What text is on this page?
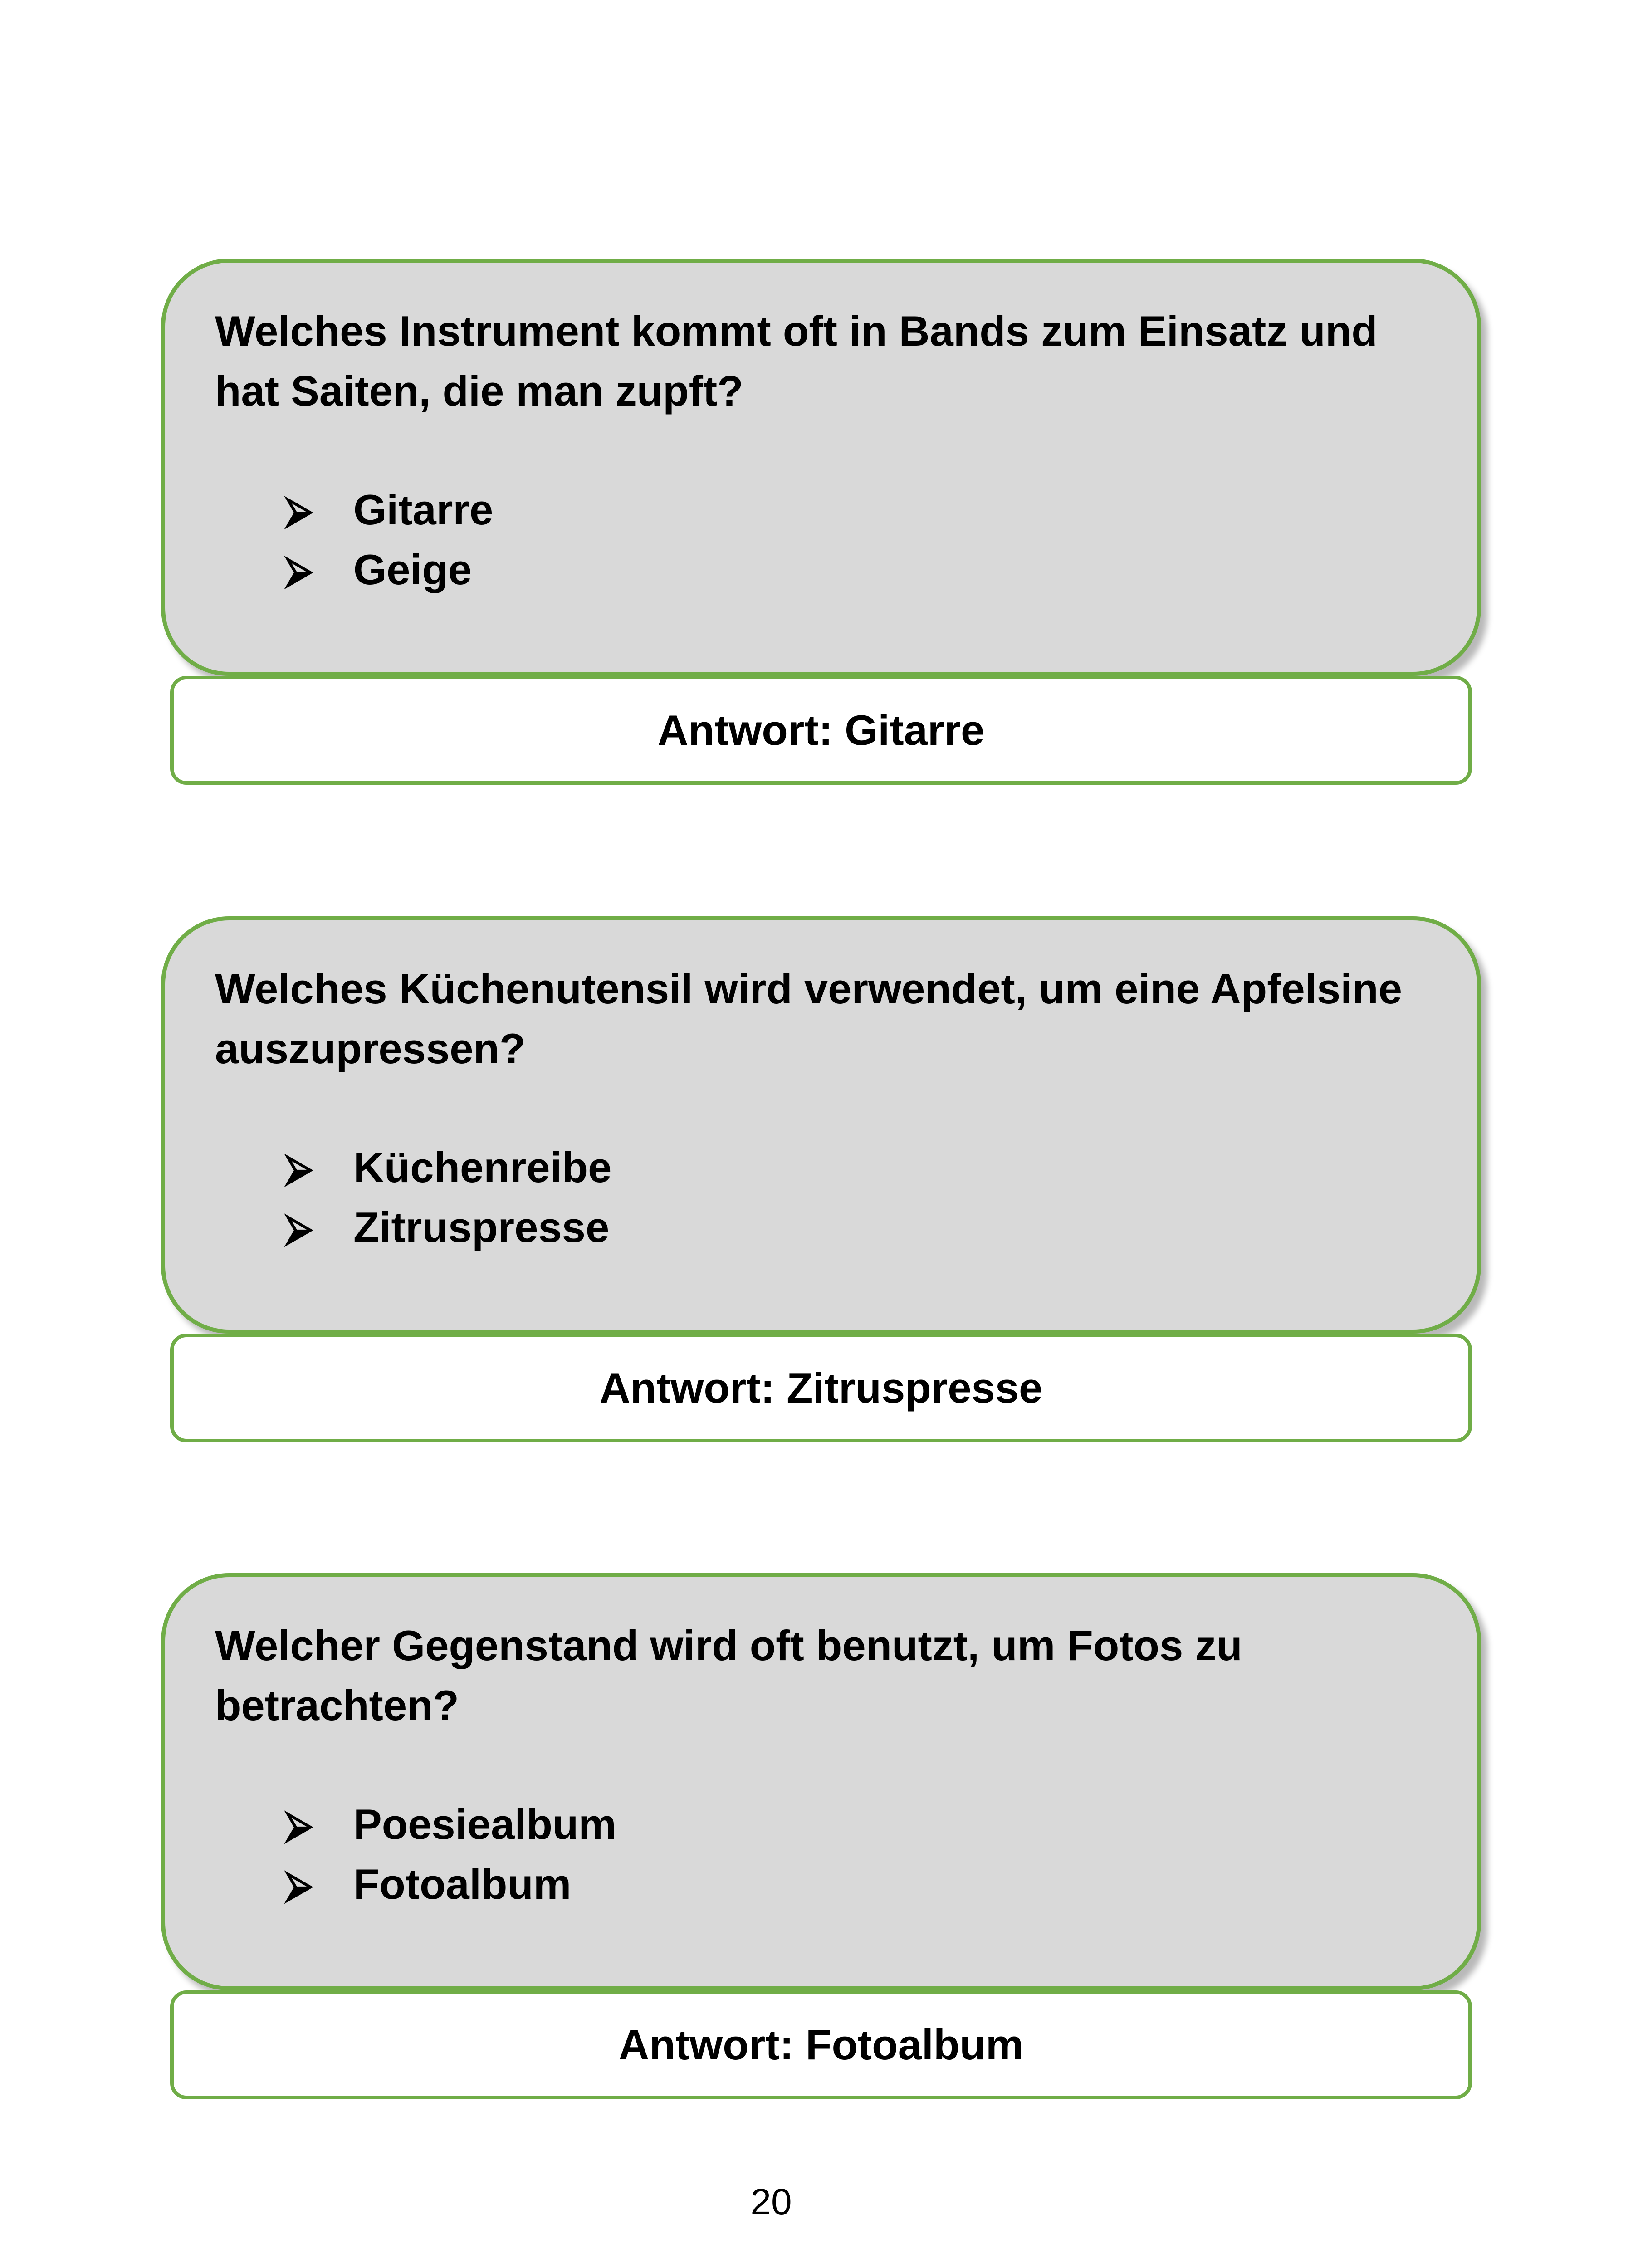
Welches Instrument kommt oft in Bands zum Einsatz und hat Saiten, die man zupft?

⮚ Gitarre
⮚ Geige
Antwort: Gitarre

Welches Küchenutensil wird verwendet, um eine Apfelsine auszupressen?

⮚ Küchenreibe
⮚ Zitruspresse
Antwort: Zitruspresse

Welcher Gegenstand wird oft benutzt, um Fotos zu betrachten?

⮚ Poesiealbum
⮚ Fotoalbum
Antwort: Fotoalbum
20
